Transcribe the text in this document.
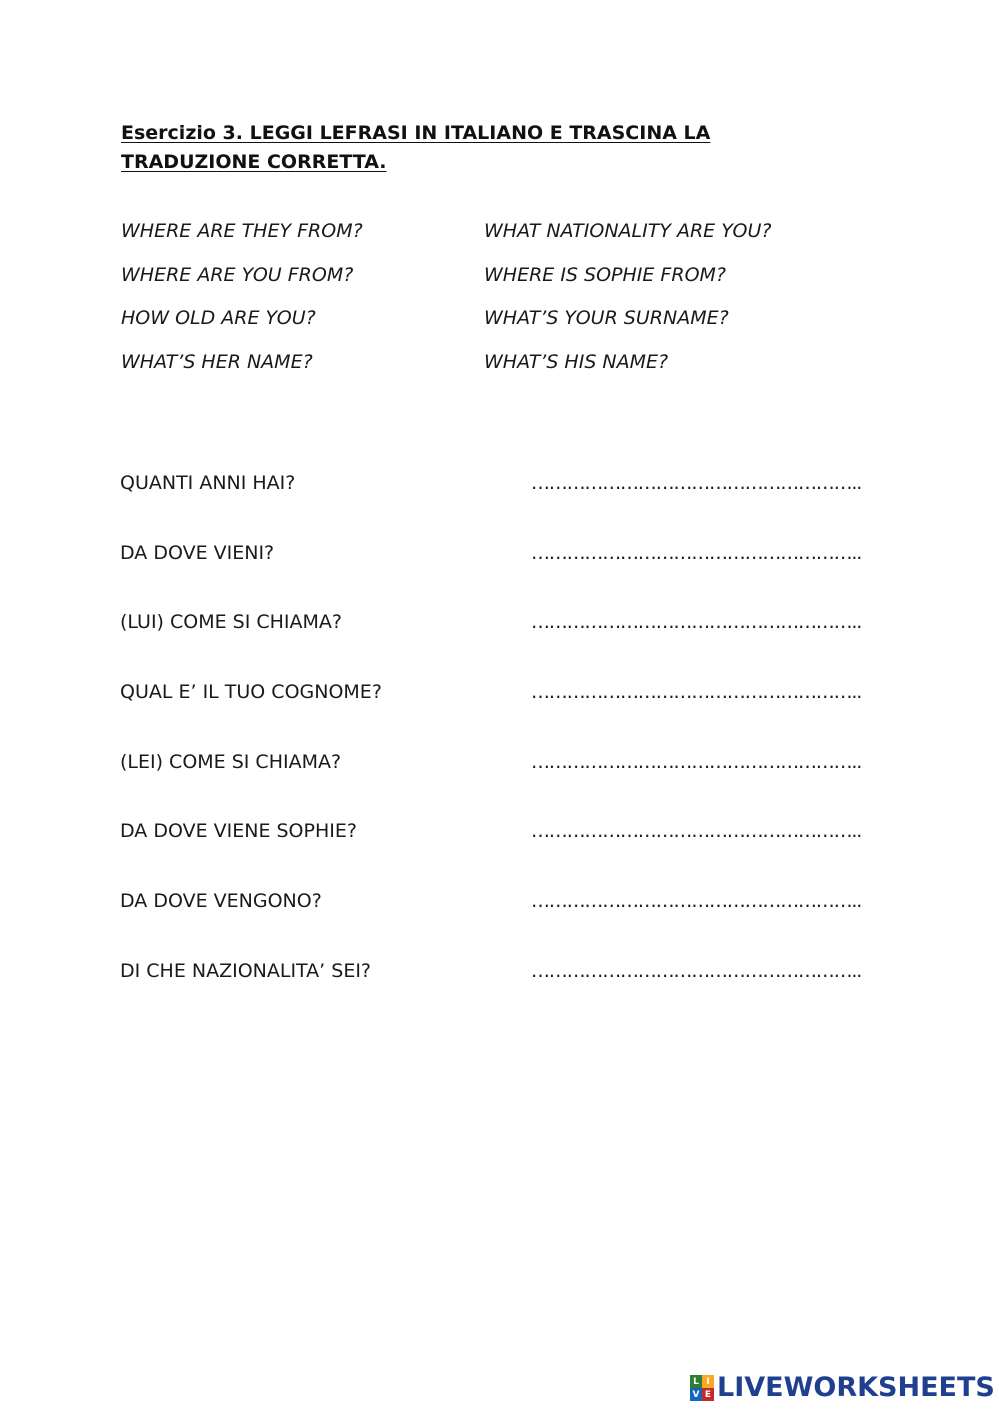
Esercizio 3. LEGGI LEFRASI IN ITALIANO E TRASCINA LA
TRADUZIONE CORRETTA.
WHERE ARE THEY FROM?	WHAT NATIONALITY ARE YOU?
WHERE ARE YOU FROM?	WHERE IS SOPHIE FROM?
HOW OLD ARE YOU?	WHAT’S YOUR SURNAME?
WHAT’S HER NAME?	WHAT’S HIS NAME?
QUANTI ANNI HAI?	………………………………………………..
DA DOVE VIENI?	………………………………………………..
(LUI) COME SI CHIAMA?	………………………………………………..
QUAL E’ IL TUO COGNOME?	………………………………………………..
(LEI) COME SI CHIAMA?	………………………………………………..
DA DOVE VIENE SOPHIE?	………………………………………………..
DA DOVE VENGONO?	………………………………………………..
DI CHE NAZIONALITA’ SEI?	………………………………………………..
L I
V E LIVEWORKSHEETS
